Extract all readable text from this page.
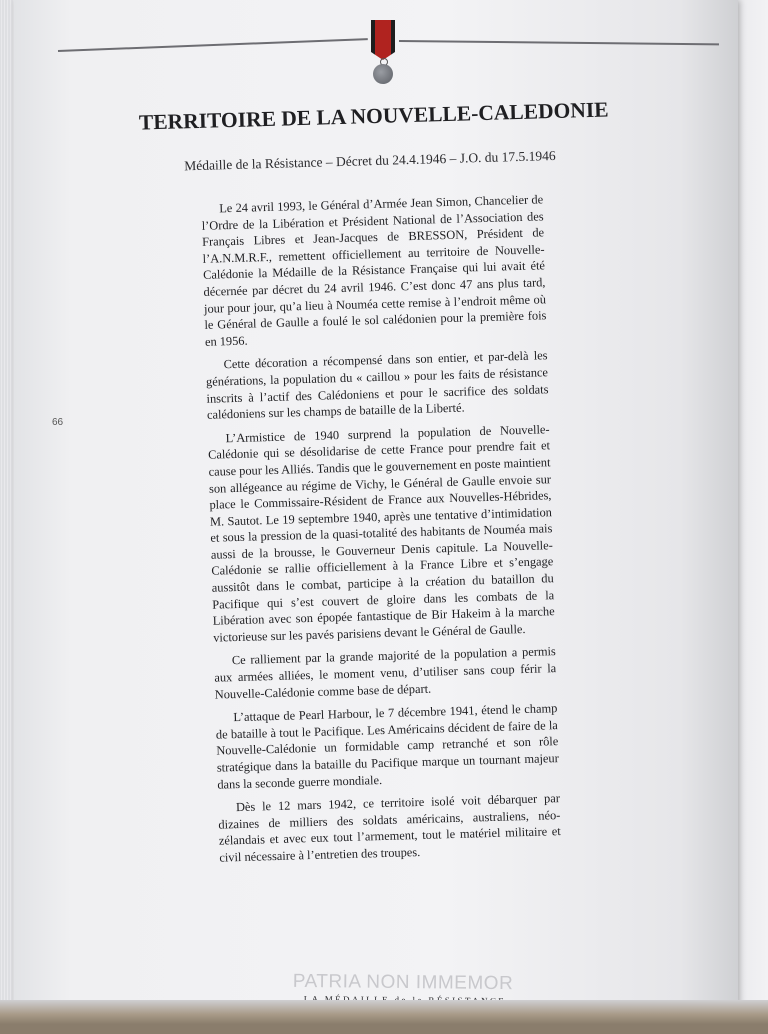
66
TERRITOIRE DE LA NOUVELLE-CALEDONIE

Médaille de la Résistance – Décret du 24.4.1946 – J.O. du 17.5.1946

Le 24 avril 1993, le Général d’Armée Jean Simon, Chancelier de l’Ordre de la Libération et Président National de l’Association des Français Libres et Jean-Jacques de BRESSON, Président de l’A.N.M.R.F., remettent officiellement au territoire de Nouvelle-Calédonie la Médaille de la Résistance Française qui lui avait été décernée par décret du 24 avril 1946. C’est donc 47 ans plus tard, jour pour jour, qu’a lieu à Nouméa cette remise à l’endroit même où le Général de Gaulle a foulé le sol calédonien pour la première fois en 1956.

Cette décoration a récompensé dans son entier, et par-delà les générations, la population du « caillou » pour les faits de résistance inscrits à l’actif des Calédoniens et pour le sacrifice des soldats calédoniens sur les champs de bataille de la Liberté.

L’Armistice de 1940 surprend la population de Nouvelle-Calédonie qui se désolidarise de cette France pour prendre fait et cause pour les Alliés. Tandis que le gouvernement en poste maintient son allégeance au régime de Vichy, le Général de Gaulle envoie sur place le Commissaire-Résident de France aux Nouvelles-Hébrides, M. Sautot. Le 19 septembre 1940, après une tentative d’intimidation et sous la pression de la quasi-totalité des habitants de Nouméa mais aussi de la brousse, le Gouverneur Denis capitule. La Nouvelle-Calédonie se rallie officiellement à la France Libre et s’engage aussitôt dans le combat, participe à la création du bataillon du Pacifique qui s’est couvert de gloire dans les combats de la Libération avec son épopée fantastique de Bir Hakeim à la marche victorieuse sur les pavés parisiens devant le Général de Gaulle.

Ce ralliement par la grande majorité de la population a permis aux armées alliées, le moment venu, d’utiliser sans coup férir la Nouvelle-Calédonie comme base de départ.

L’attaque de Pearl Harbour, le 7 décembre 1941, étend le champ de bataille à tout le Pacifique. Les Américains décident de faire de la Nouvelle-Calédonie un formidable camp retranché et son rôle stratégique dans la bataille du Pacifique marque un tournant majeur dans la seconde guerre mondiale.

Dès le 12 mars 1942, ce territoire isolé voit débarquer par dizaines de milliers des soldats américains, australiens, néo-zélandais et avec eux tout l’armement, tout le matériel militaire et civil nécessaire à l’entretien des troupes.

PATRIA NON IMMEMOR
